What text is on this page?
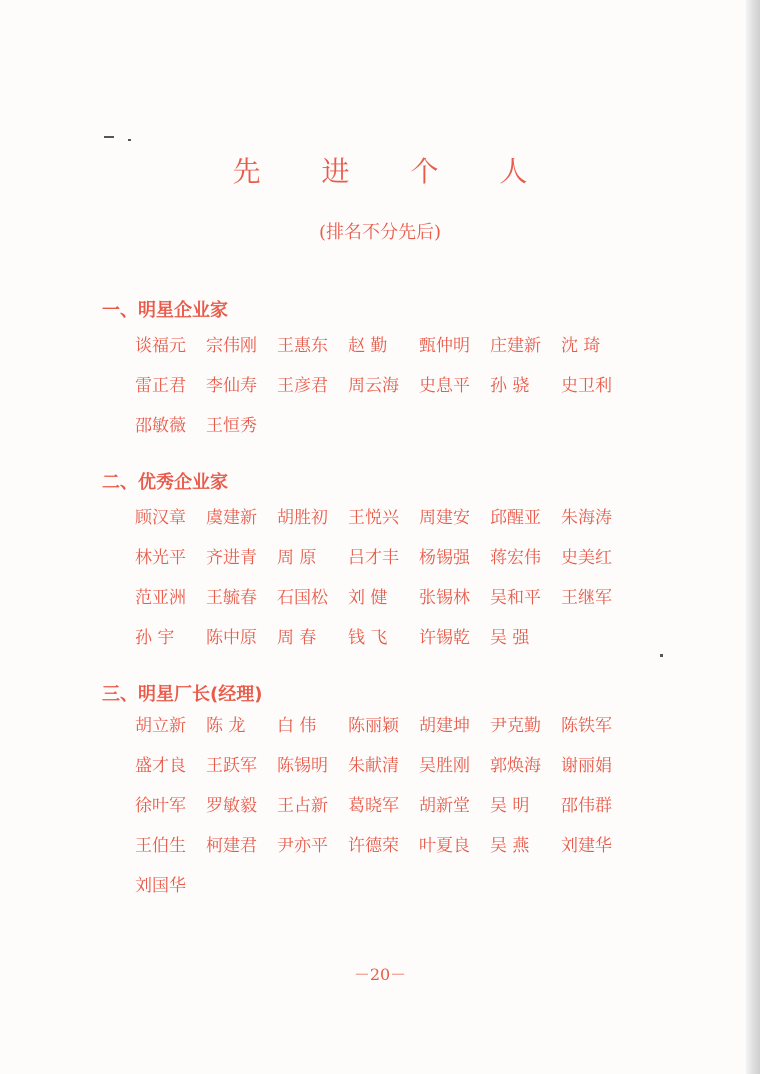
先 进 个 人
(排名不分先后)
一、明星企业家
谈福元	宗伟刚	王惠东	赵 勤	甄仲明	庄建新	沈 琦
雷正君	李仙寿	王彦君	周云海	史息平	孙 骁	史卫利
邵敏薇	王恒秀
二、优秀企业家
顾汉章	虞建新	胡胜初	王悦兴	周建安	邱醒亚	朱海涛
林光平	齐进青	周 原	吕才丰	杨锡强	蒋宏伟	史美红
范亚洲	王毓春	石国松	刘 健	张锡林	吴和平	王继军
孙 宇	陈中原	周 春	钱 飞	许锡乾	吴 强
三、明星厂长(经理)
胡立新	陈 龙	白 伟	陈丽颖	胡建坤	尹克勤	陈铁军
盛才良	王跃军	陈锡明	朱献清	吴胜刚	郭焕海	谢丽娟
徐叶军	罗敏毅	王占新	葛晓军	胡新堂	吴 明	邵伟群
王伯生	柯建君	尹亦平	许德荣	叶夏良	吴 燕	刘建华
刘国华
－20－
